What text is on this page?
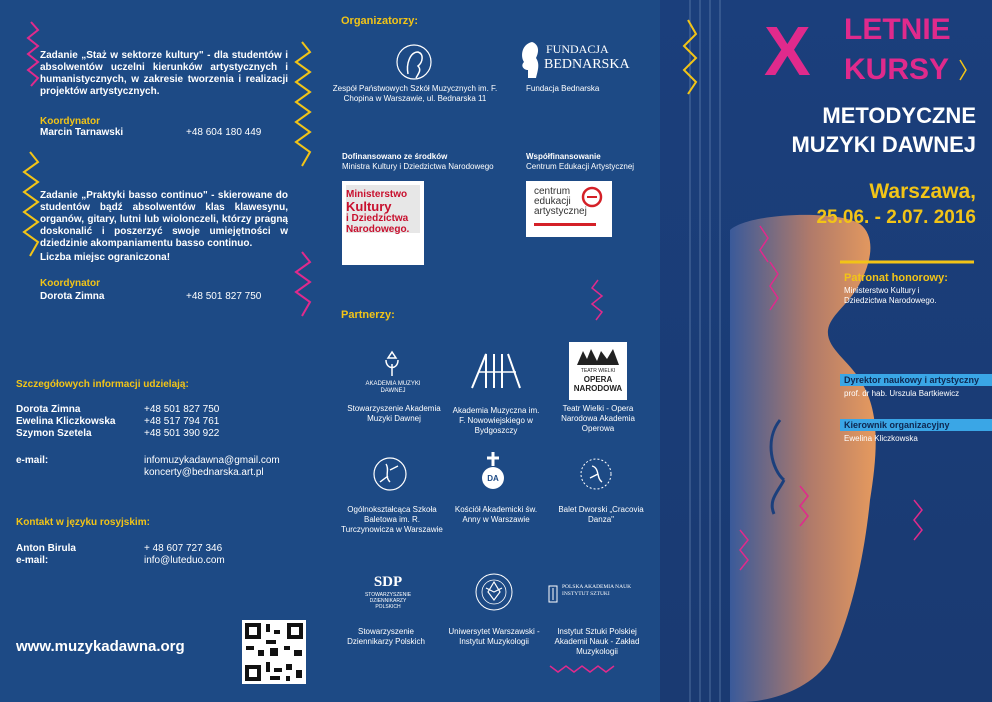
Zadanie „Staż w sektorze kultury" - dla studentów i absolwentów uczelni kierunków artystycznych i humanistycznych, w zakresie tworzenia i realizacji projektów artystycznych.
Koordynator
Marcin Tarnawski	+48 604 180 449
Zadanie „Praktyki basso continuo" - skierowane do studentów bądź absolwentów klas klawesynu, organów, gitary, lutni lub wiolonczeli, którzy pragną doskonalić i poszerzyć swoje umiejętności w dziedzinie akompaniamentu basso continuo.
Liczba miejsc ograniczona!
Koordynator
Dorota Zimna	+48 501 827 750
Szczegółowych informacji udzielają:
Dorota Zimna	+48 501 827 750
Ewelina Kliczkowska	+48 517 794 761
Szymon Szetela	+48 501 390 922
e-mail:	infomuzykadawna@gmail.com
koncerty@bednarska.art.pl
Kontakt w języku rosyjskim:
Anton Birula	+ 48 607 727 346
e-mail:	info@luteduo.com
www.muzykadawna.org
Organizatorzy:
Zespół Państwowych Szkół Muzycznych im. F. Chopina w Warszawie, ul. Bednarska 11
FUNDACJA
BEDNARSKA
Fundacja Bednarska
Dofinansowano ze środków
Ministra Kultury i Dziedzictwa Narodowego
Współfinansowanie
Centrum Edukacji Artystycznej
Ministerstwo
Kultury
i Dziedzictwa
Narodowego.
centrum
edukacji
artystycznej
Partnerzy:
AKADEMIA MUZYKI DAWNEJ
Stowarzyszenie Akademia Muzyki Dawnej
Akademia Muzyczna im. F. Nowowiejskiego w Bydgoszczy
TEATR WIELKI
OPERA NARODOWA
Teatr Wielki - Opera Narodowa Akademia Operowa
Ogólnokształcąca Szkoła Baletowa im. R. Turczynowicza w Warszawie
DA
Kościół Akademicki św. Anny w Warszawie
Balet Dworski „Cracovia Danza"
SDP
STOWARZYSZENIE DZIENNIKARZY POLSKICH
Stowarzyszenie Dziennikarzy Polskich
Uniwersytet Warszawski - Instytut Muzykologii
POLSKA AKADEMIA NAUK INSTYTUT SZTUKI
Instytut Sztuki Polskiej Akademii Nauk - Zakład Muzykologii
X LETNIE
KURSY
METODYCZNE
MUZYKI DAWNEJ
Warszawa,
25.06. - 2.07. 2016
Patronat honorowy:
Ministerstwo Kultury i Dziedzictwa Narodowego.
Dyrektor naukowy i artystyczny
prof. dr hab. Urszula Bartkiewicz
Kierownik organizacyjny
Ewelina Kliczkowska
